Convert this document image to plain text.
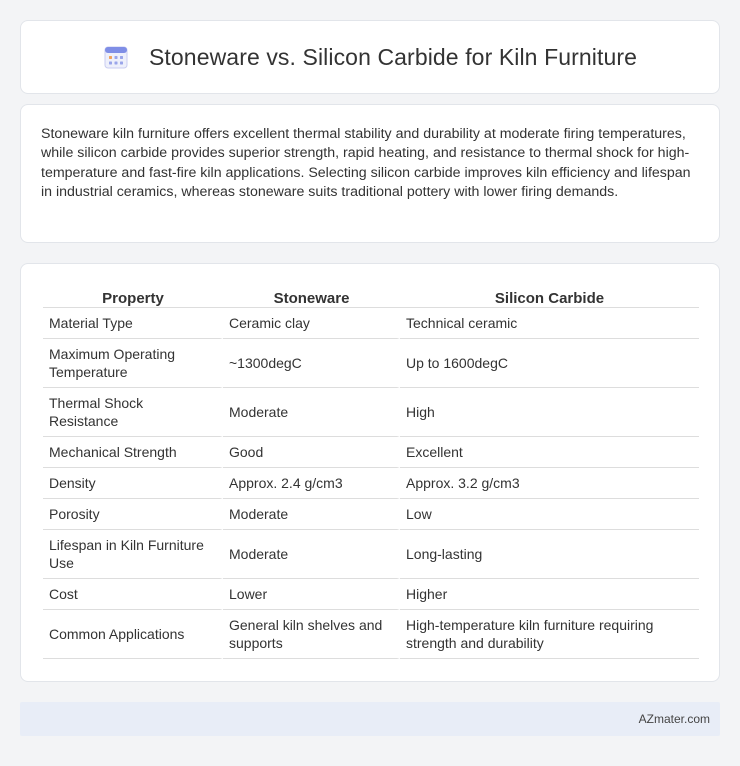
Stoneware vs. Silicon Carbide for Kiln Furniture

Stoneware kiln furniture offers excellent thermal stability and durability at moderate firing temperatures, while silicon carbide provides superior strength, rapid heating, and resistance to thermal shock for high-temperature and fast-fire kiln applications. Selecting silicon carbide improves kiln efficiency and lifespan in industrial ceramics, whereas stoneware suits traditional pottery with lower firing demands.

Property	Stoneware	Silicon Carbide
Material Type	Ceramic clay	Technical ceramic
Maximum Operating Temperature	~1300degC	Up to 1600degC
Thermal Shock Resistance	Moderate	High
Mechanical Strength	Good	Excellent
Density	Approx. 2.4 g/cm3	Approx. 3.2 g/cm3
Porosity	Moderate	Low
Lifespan in Kiln Furniture Use	Moderate	Long-lasting
Cost	Lower	Higher
Common Applications	General kiln shelves and supports	High-temperature kiln furniture requiring strength and durability
AZmater.com
